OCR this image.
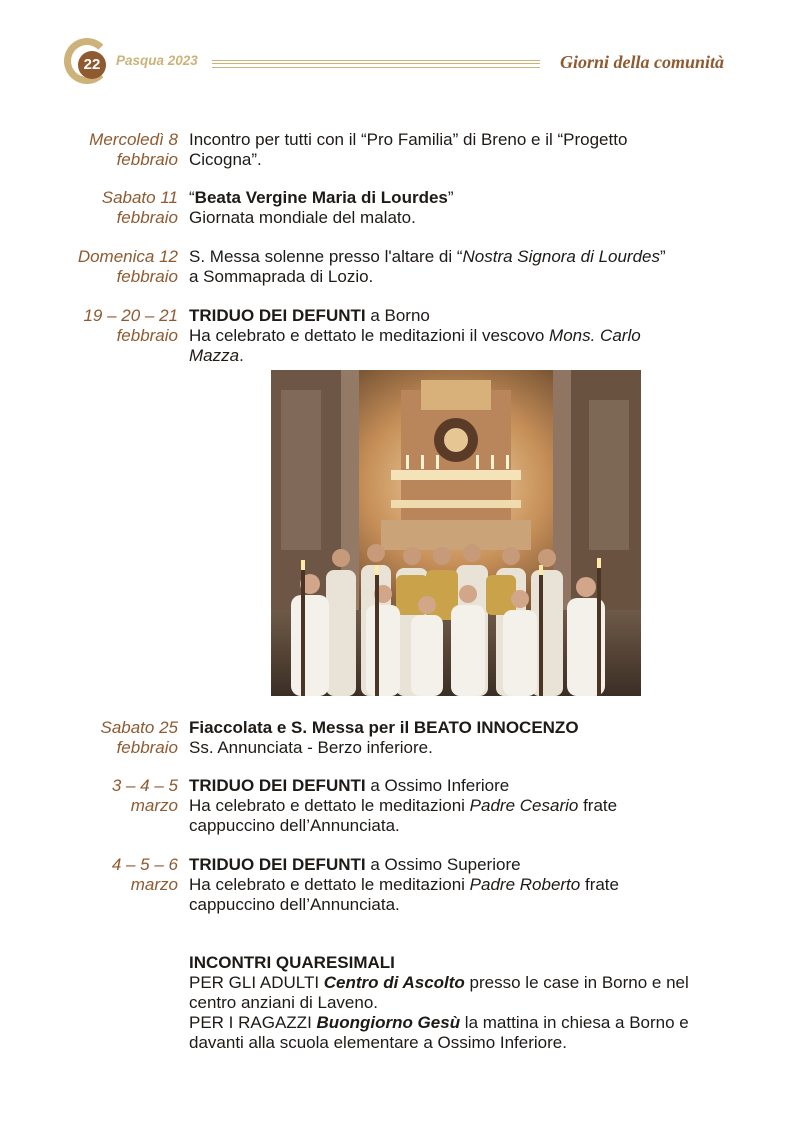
22	Pasqua 2023	Giorni della comunità
Mercoledì 8
febbraio
Incontro per tutti con il “Pro Familia” di Breno e il “Progetto
Cicogna”.
Sabato 11
febbraio
“Beata Vergine Maria di Lourdes”
Giornata mondiale del malato.
Domenica 12
febbraio
S. Messa solenne presso l'altare di “Nostra Signora di Lourdes”
a Sommaprada di Lozio.
19 – 20 – 21
febbraio
TRIDUO DEI DEFUNTI a Borno
Ha celebrato e dettato le meditazioni il vescovo Mons. Carlo
Mazza.
Sabato 25
febbraio
Fiaccolata e S. Messa per il BEATO INNOCENZO
Ss. Annunciata - Berzo inferiore.
3 – 4 – 5
marzo
TRIDUO DEI DEFUNTI a Ossimo Inferiore
Ha celebrato e dettato le meditazioni Padre Cesario frate
cappuccino dell’Annunciata.
4 – 5 – 6
marzo
TRIDUO DEI DEFUNTI a Ossimo Superiore
Ha celebrato e dettato le meditazioni Padre Roberto frate
cappuccino dell’Annunciata.
INCONTRI QUARESIMALI
PER GLI ADULTI Centro di Ascolto presso le case in Borno e nel
centro anziani di Laveno.
PER I RAGAZZI Buongiorno Gesù la mattina in chiesa a Borno e
davanti alla scuola elementare a Ossimo Inferiore.
